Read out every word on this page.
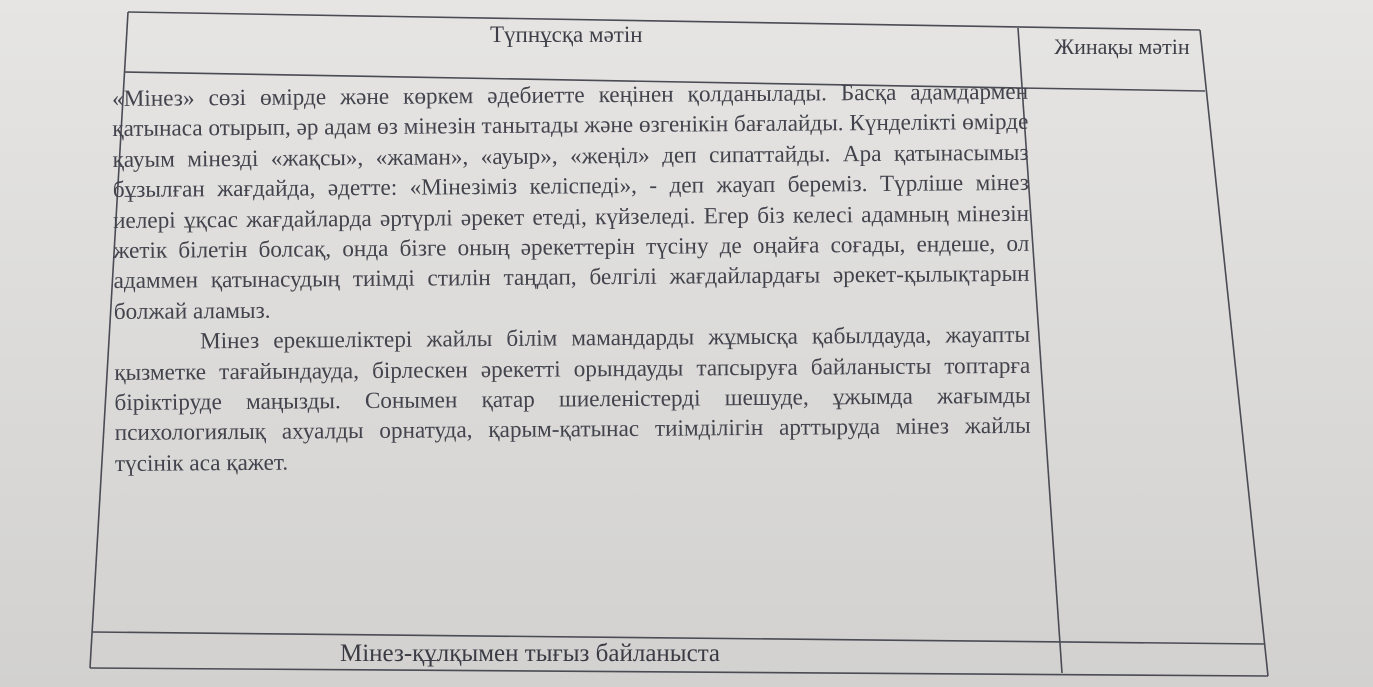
Түпнұсқа мәтін	Жинақы мәтін

«Мінез» сөзі өмірде және көркем әдебиетте кеңінен қолданылады. Басқа адамдармен қатынаса отырып, әр адам өз мінезін танытады және өзгенікін бағалайды. Күнделікті өмірде қауым мінезді «жақсы», «жаман», «ауыр», «жеңіл» деп сипаттайды. Ара қатынасымыз бұзылған жағдайда, әдетте: «Мінезіміз келіспеді», - деп жауап береміз. Түрліше мінез иелері ұқсас жағдайларда әртүрлі әрекет етеді, күйзеледі. Егер біз келесі адамның мінезін жетік білетін болсақ, онда бізге оның әрекеттерін түсіну де оңайға соғады, ендеше, ол адаммен қатынасудың тиімді стилін таңдап, белгілі жағдайлардағы әрекет-қылықтарын болжай аламыз.

Мінез ерекшеліктері жайлы білім мамандарды жұмысқа қабылдауда, жауапты қызметке тағайындауда, бірлескен әрекетті орындауды тапсыруға байланысты топтарға біріктіруде маңызды. Сонымен қатар шиеленістерді шешуде, ұжымда жағымды психологиялық ахуалды орнатуда, қарым-қатынас тиімділігін арттыруда мінез жайлы түсінік аса қажет.

Мінез-құлқымен тығыз байланыста
